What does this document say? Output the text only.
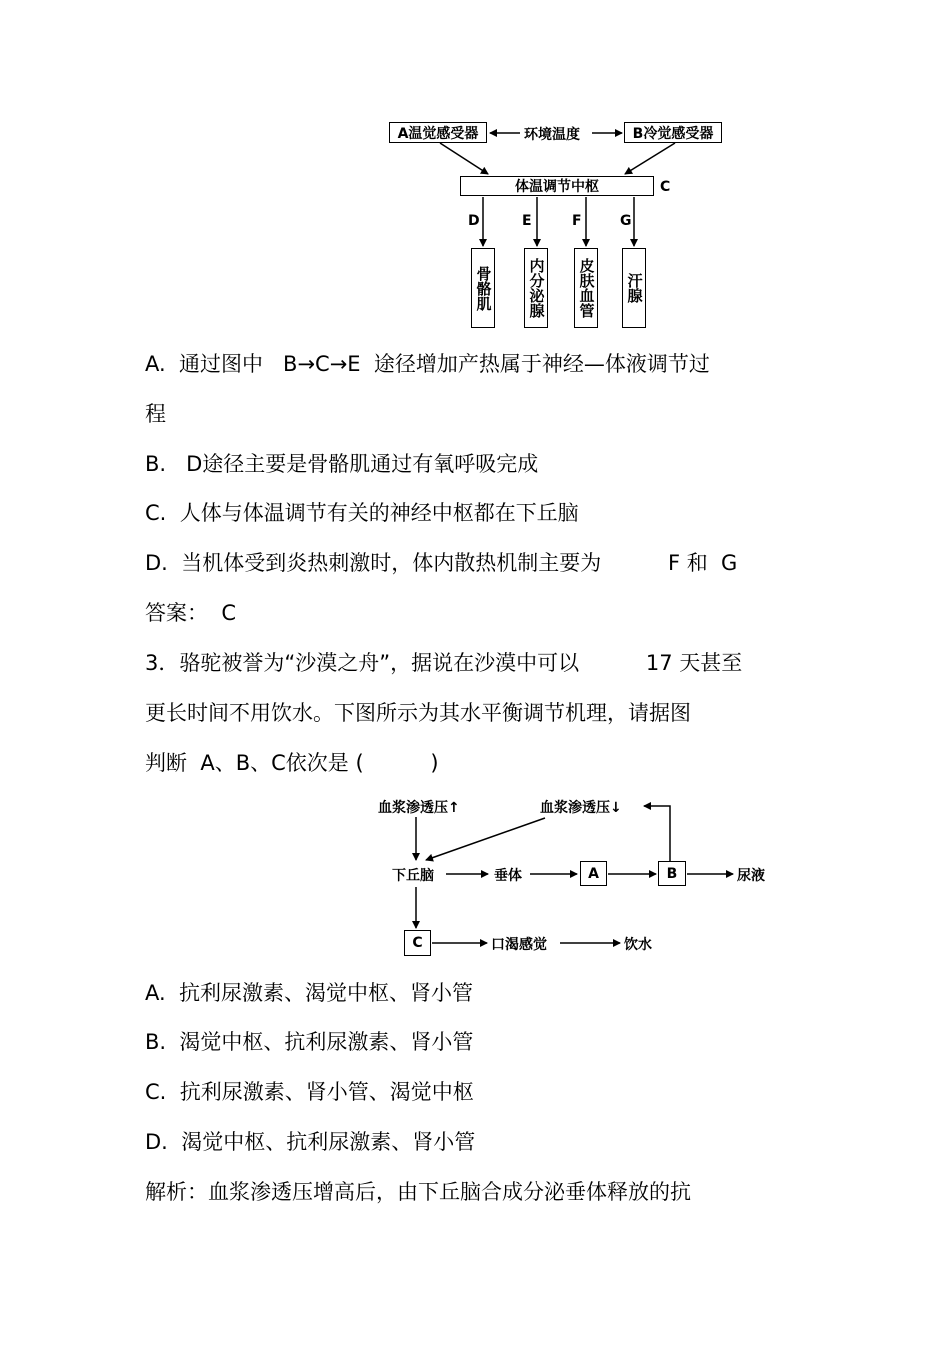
A温觉感受器	环境温度	B冷觉感受器
体温调节中枢	C
D	E	F	G
骨骼肌 内分泌腺 皮肤血管 汗腺
A.  通过图中   B→C→E  途径增加产热属于神经—体液调节过
程
B.   D途径主要是骨骼肌通过有氧呼吸完成
C.  人体与体温调节有关的神经中枢都在下丘脑
D.  当机体受到炎热刺激时，体内散热机制主要为          F 和  G
答案：  C
3．骆驼被誉为“沙漠之舟”，据说在沙漠中可以          17 天甚至
更长时间不用饮水。下图所示为其水平衡调节机理，请据图
判断  A、B、C依次是 (          )
血浆渗透压↑	血浆渗透压↓
下丘脑	垂体	A	B	尿液
C	口渴感觉	饮水
A.  抗利尿激素、渴觉中枢、肾小管
B.  渴觉中枢、抗利尿激素、肾小管
C.  抗利尿激素、肾小管、渴觉中枢
D.  渴觉中枢、抗利尿激素、肾小管
解析：血浆渗透压增高后，由下丘脑合成分泌垂体释放的抗
